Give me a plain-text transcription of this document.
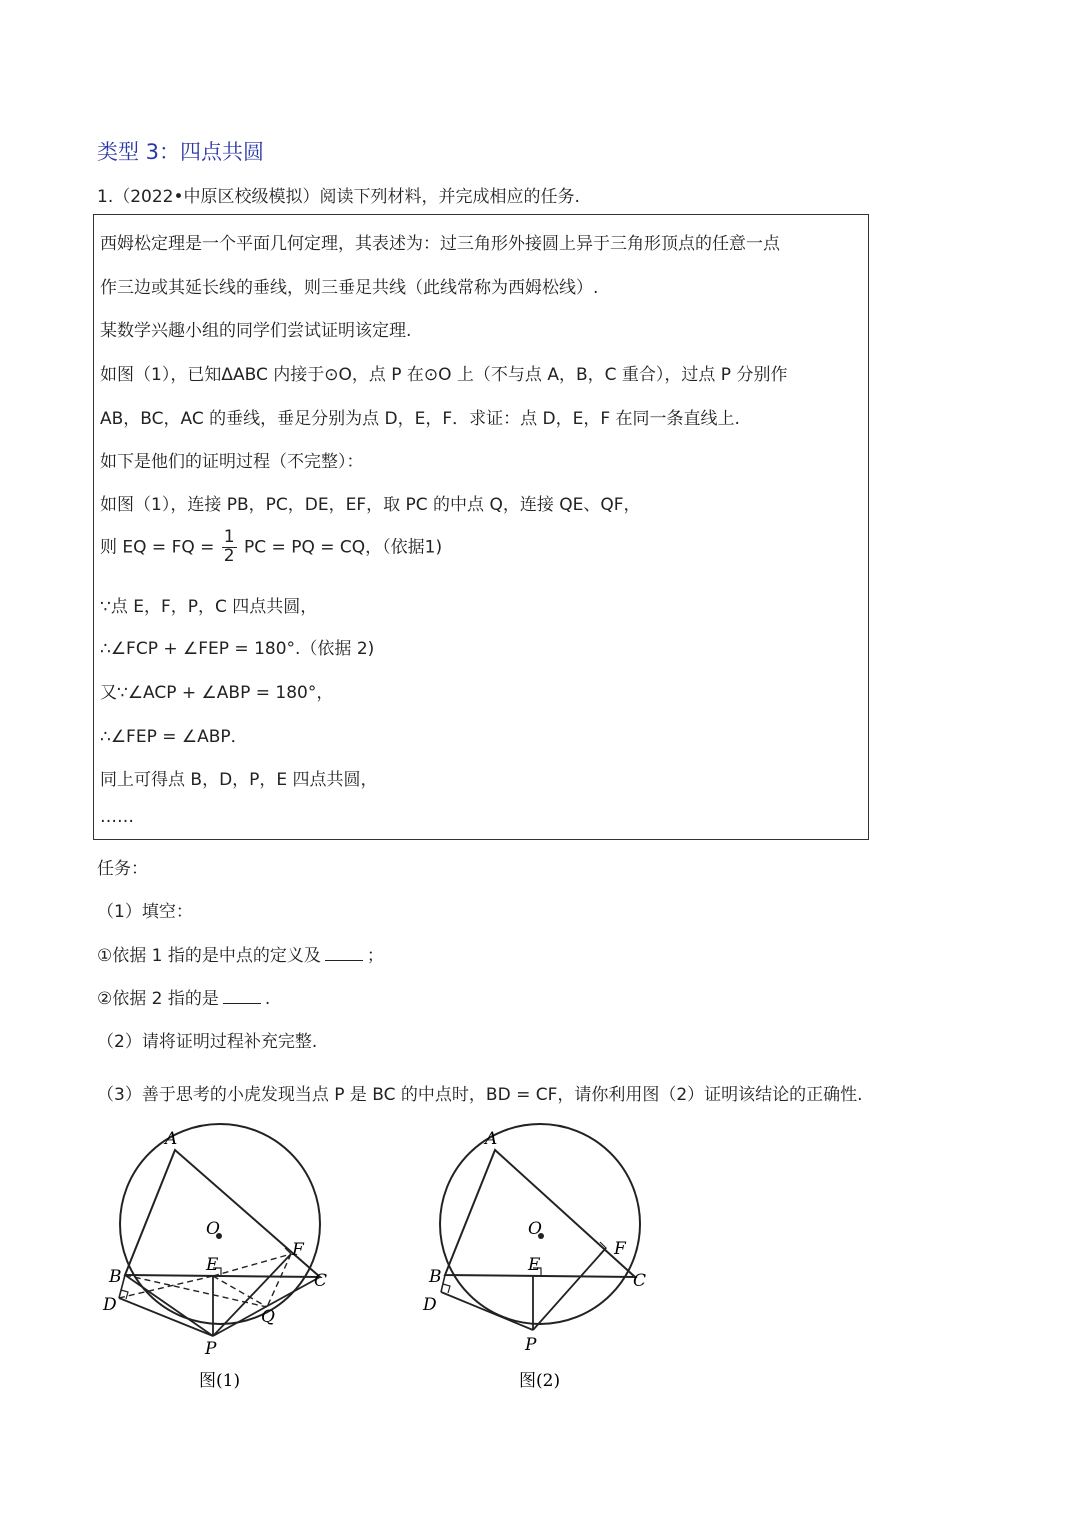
类型 3：四点共圆
1.（2022•中原区校级模拟）阅读下列材料，并完成相应的任务.
西姆松定理是一个平面几何定理，其表述为：过三角形外接圆上异于三角形顶点的任意一点
作三边或其延长线的垂线，则三垂足共线（此线常称为西姆松线）.
某数学兴趣小组的同学们尝试证明该定理.
如图（1），已知ΔABC 内接于⊙O，点 P 在⊙O 上（不与点 A，B，C 重合），过点 P 分别作
AB，BC，AC 的垂线，垂足分别为点 D，E，F．求证：点 D，E，F 在同一条直线上.
如下是他们的证明过程（不完整）：
如图（1），连接 PB，PC，DE，EF，取 PC 的中点 Q，连接 QE、QF，
则 EQ = FQ = $\frac{1}{2}$ PC = PQ = CQ，（依据1)
∵点 E，F，P，C 四点共圆，
∴∠FCP + ∠FEP = 180°.（依据 2)
又∵∠ACP + ∠ABP = 180°，
∴∠FEP = ∠ABP．
同上可得点 B，D，P，E 四点共圆，
……
任务：
（1）填空：
①依据 1 指的是中点的定义及	；
②依据 2 指的是	.
（2）请将证明过程补充完整.
（3）善于思考的小虎发现当点 P 是 BC 的中点时，BD = CF，请你利用图（2）证明该结论的正确性.
A
B	C
D
E
F
O
P
Q
图(1)
A
B	C
D
E
F
O
P
图(2)
